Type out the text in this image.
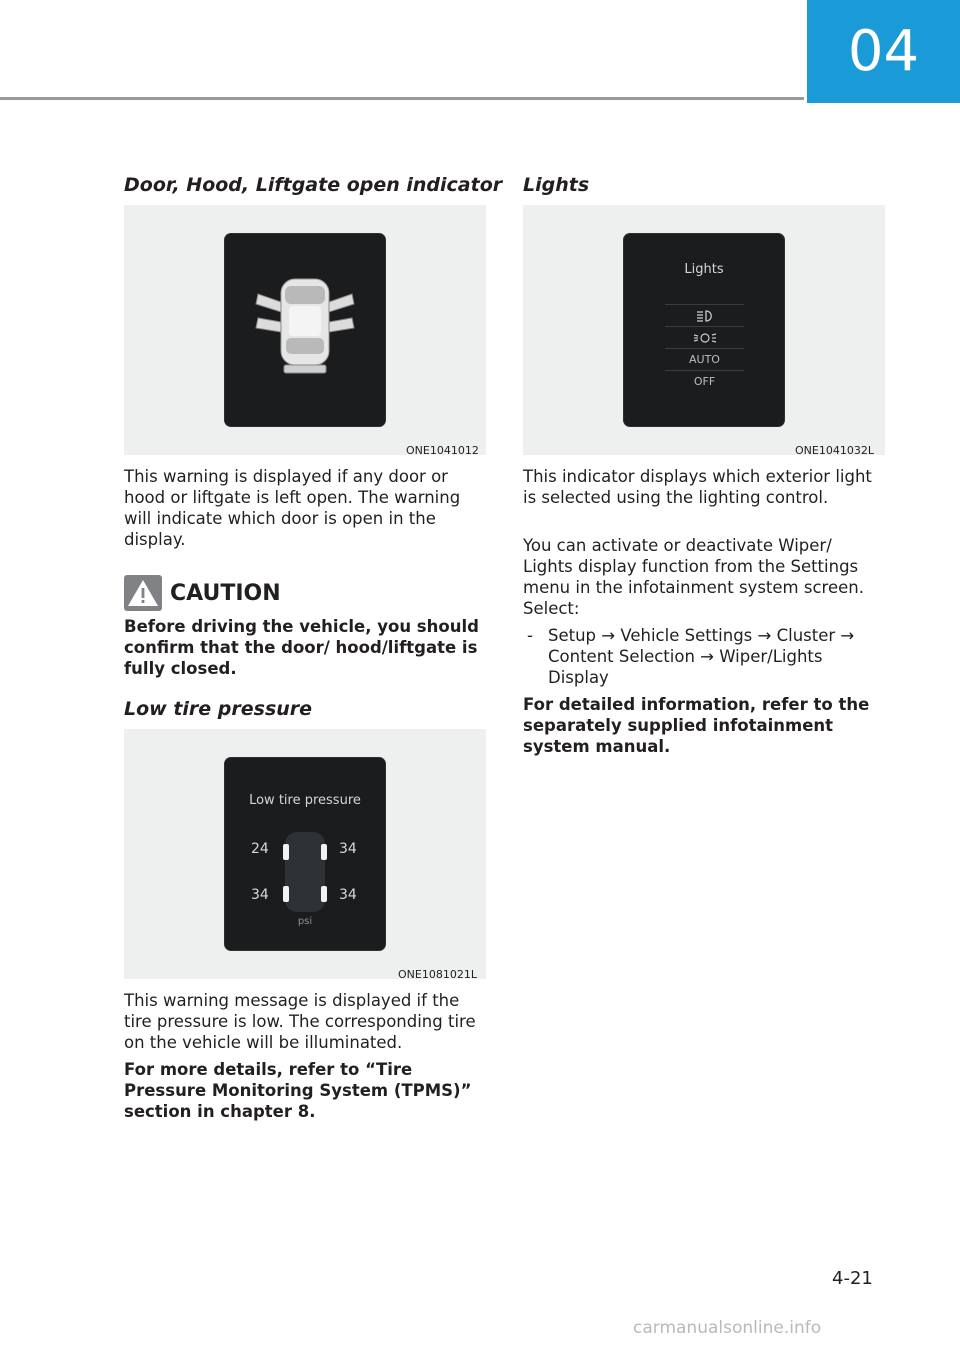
04
Door, Hood, Liftgate open indicator
ONE1041012

This warning is displayed if any door or hood or liftgate is left open. The warning will indicate which door is open in the display.

CAUTION

Before driving the vehicle, you should confirm that the door/ hood/liftgate is fully closed.

Low tire pressure
Low tire pressure
24	34
34	34
psi
ONE1081021L

This warning message is displayed if the tire pressure is low. The corresponding tire on the vehicle will be illuminated.

For more details, refer to “Tire Pressure Monitoring System (TPMS)” section in chapter 8.

Lights
Lights
AUTO
OFF
ONE1041032L

This indicator displays which exterior light is selected using the lighting control.

You can activate or deactivate Wiper/ Lights display function from the Settings menu in the infotainment system screen. Select:

- Setup → Vehicle Settings → Cluster → Content Selection → Wiper/Lights Display

For detailed information, refer to the separately supplied infotainment system manual.

4-21
carmanualsonline.info
